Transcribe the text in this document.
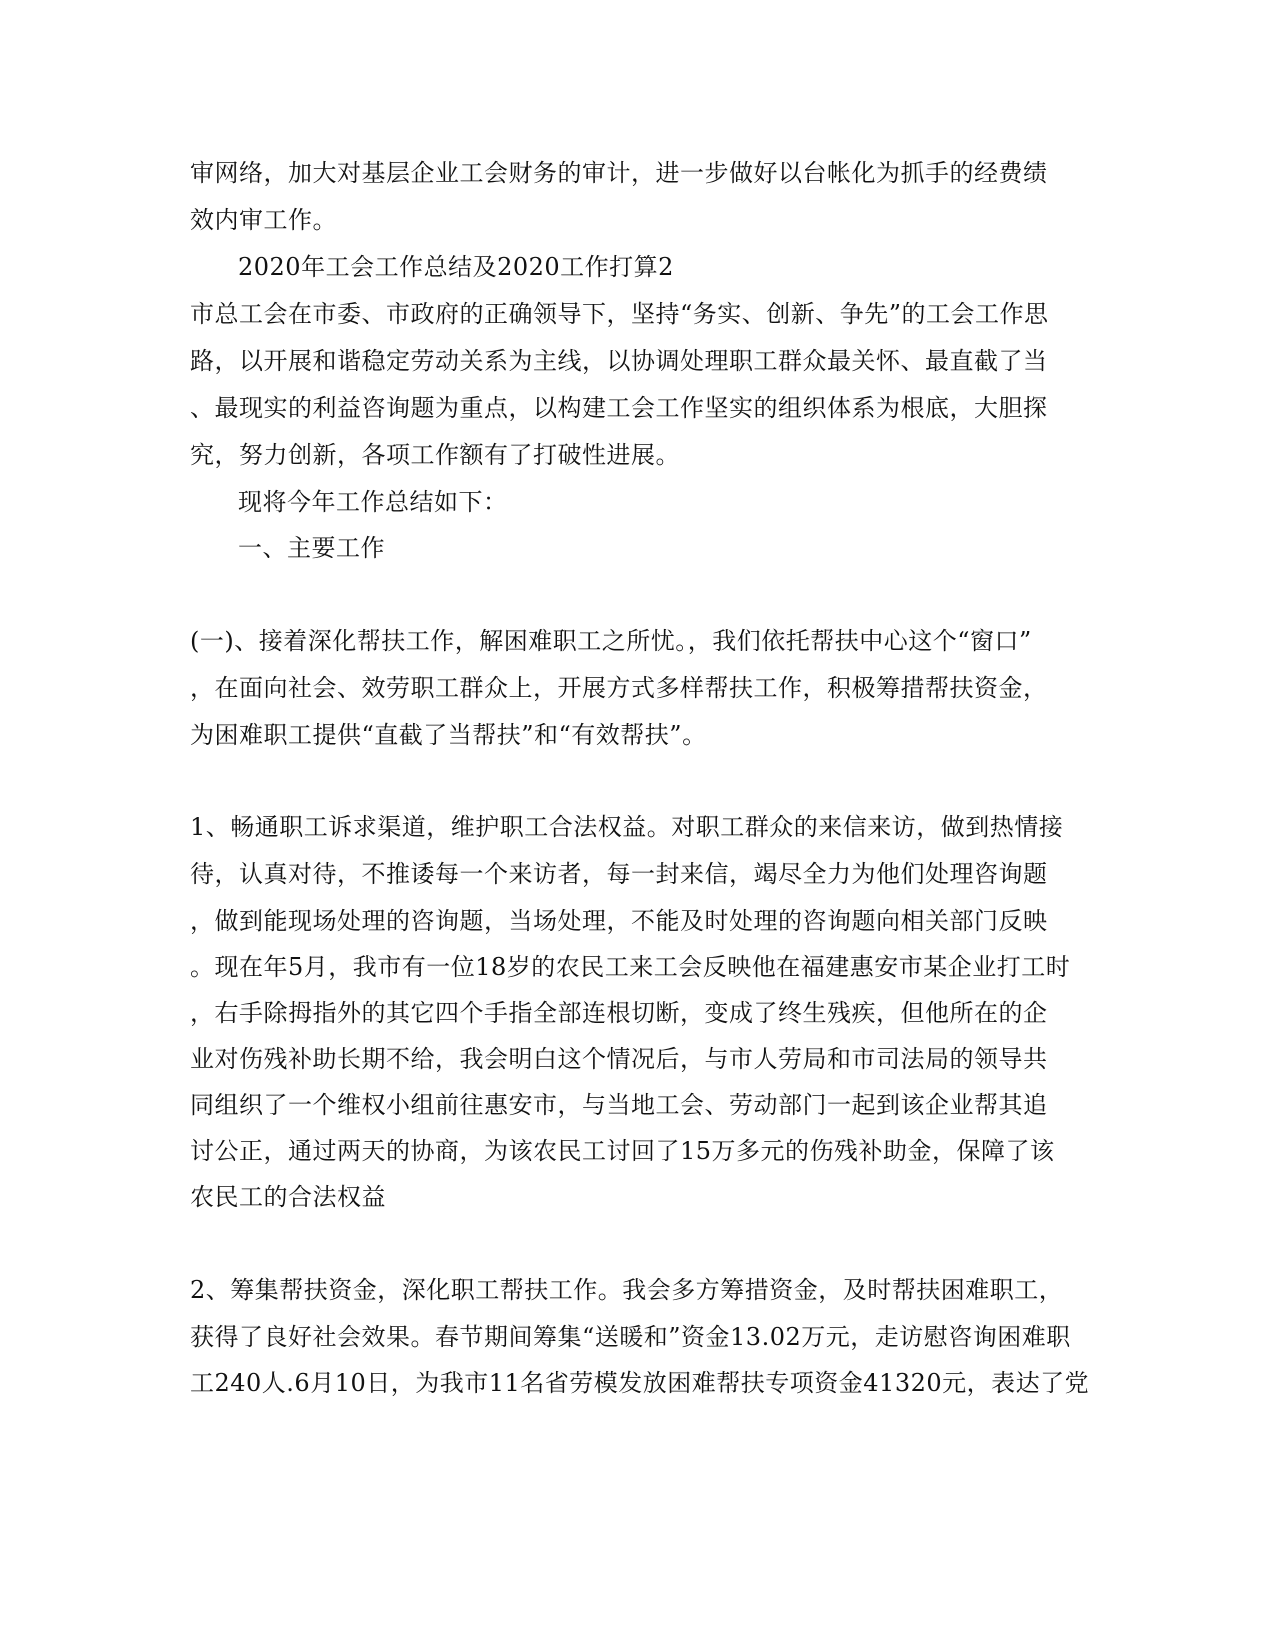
审网络，加大对基层企业工会财务的审计，进一步做好以台帐化为抓手的经费绩
效内审工作。
2020年工会工作总结及2020工作打算2
市总工会在市委、市政府的正确领导下，坚持“务实、创新、争先”的工会工作思
路，以开展和谐稳定劳动关系为主线，以协调处理职工群众最关怀、最直截了当
、最现实的利益咨询题为重点，以构建工会工作坚实的组织体系为根底，大胆探
究，努力创新，各项工作额有了打破性进展。
现将今年工作总结如下：
一、主要工作
(一)、接着深化帮扶工作，解困难职工之所忧。，我们依托帮扶中心这个“窗口”
，在面向社会、效劳职工群众上，开展方式多样帮扶工作，积极筹措帮扶资金，
为困难职工提供“直截了当帮扶”和“有效帮扶”。
1、畅通职工诉求渠道，维护职工合法权益。对职工群众的来信来访，做到热情接
待，认真对待，不推诿每一个来访者，每一封来信，竭尽全力为他们处理咨询题
，做到能现场处理的咨询题，当场处理，不能及时处理的咨询题向相关部门反映
。现在年5月，我市有一位18岁的农民工来工会反映他在福建惠安市某企业打工时
，右手除拇指外的其它四个手指全部连根切断，变成了终生残疾，但他所在的企
业对伤残补助长期不给，我会明白这个情况后，与市人劳局和市司法局的领导共
同组织了一个维权小组前往惠安市，与当地工会、劳动部门一起到该企业帮其追
讨公正，通过两天的协商，为该农民工讨回了15万多元的伤残补助金，保障了该
农民工的合法权益
2、筹集帮扶资金，深化职工帮扶工作。我会多方筹措资金，及时帮扶困难职工，
获得了良好社会效果。春节期间筹集“送暖和”资金13.02万元，走访慰咨询困难职
工240人.6月10日，为我市11名省劳模发放困难帮扶专项资金41320元，表达了党
